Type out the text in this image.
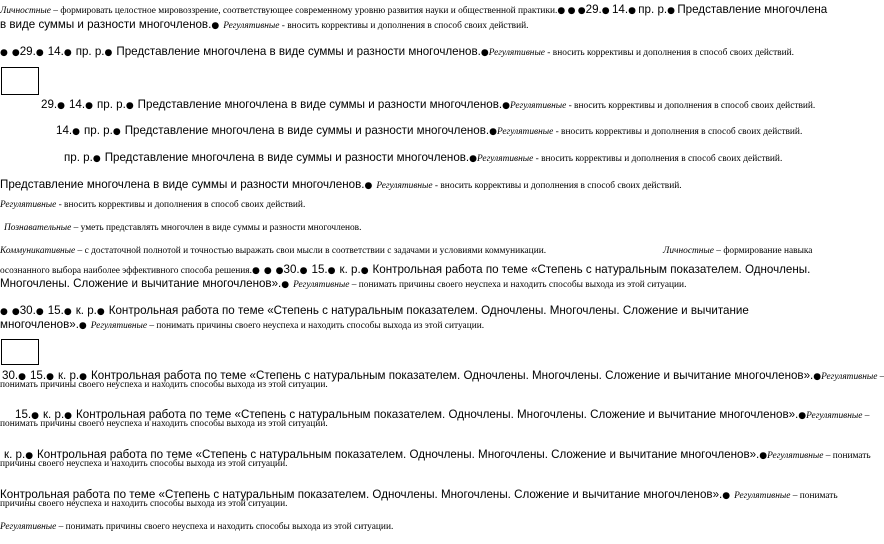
Личностные – формировать целостное мировоззрение, соответствующее современному уровню развития науки и общественной практики.● ● ●29.● 14.● пр. р.● Представление многочлена
в виде суммы и разности многочленов.● Регулятивные - вносить коррективы и дополнения в способ своих действий.
● ●29.● 14.● пр. р.● Представление многочлена в виде суммы и разности многочленов.●Регулятивные - вносить коррективы и дополнения в способ своих действий.
29.● 14.● пр. р.● Представление многочлена в виде суммы и разности многочленов.●Регулятивные - вносить коррективы и дополнения в способ своих действий.
14.● пр. р.● Представление многочлена в виде суммы и разности многочленов.●Регулятивные - вносить коррективы и дополнения в способ своих действий.
пр. р.● Представление многочлена в виде суммы и разности многочленов.●Регулятивные - вносить коррективы и дополнения в способ своих действий.
Представление многочлена в виде суммы и разности многочленов.● Регулятивные - вносить коррективы и дополнения в способ своих действий.
Регулятивные - вносить коррективы и дополнения в способ своих действий.
Познавательные – уметь представлять многочлен в виде суммы и разности многочленов.
Коммуникативные – с достаточной полнотой и точностью выражать свои мысли в соответствии с задачами и условиями коммуникации.	Личностные – формирование навыка
осознанного выбора наиболее эффективного способа решения.● ● ●30.● 15.● к. р.● Контрольная работа по теме «Степень с натуральным показателем. Одночлены.
Многочлены. Сложение и вычитание многочленов».● Регулятивные – понимать причины своего неуспеха и находить способы выхода из этой ситуации.
● ●30.● 15.● к. р.● Контрольная работа по теме «Степень с натуральным показателем. Одночлены. Многочлены. Сложение и вычитание
многочленов».● Регулятивные – понимать причины своего неуспеха и находить способы выхода из этой ситуации.
30.● 15.● к. р.● Контрольная работа по теме «Степень с натуральным показателем. Одночлены. Многочлены. Сложение и вычитание многочленов».●Регулятивные –
понимать причины своего неуспеха и находить способы выхода из этой ситуации.
15.● к. р.● Контрольная работа по теме «Степень с натуральным показателем. Одночлены. Многочлены. Сложение и вычитание многочленов».●Регулятивные –
понимать причины своего неуспеха и находить способы выхода из этой ситуации.
к. р.● Контрольная работа по теме «Степень с натуральным показателем. Одночлены. Многочлены. Сложение и вычитание многочленов».●Регулятивные – понимать
причины своего неуспеха и находить способы выхода из этой ситуации.
Контрольная работа по теме «Степень с натуральным показателем. Одночлены. Многочлены. Сложение и вычитание многочленов».● Регулятивные – понимать
причины своего неуспеха и находить способы выхода из этой ситуации.
Регулятивные – понимать причины своего неуспеха и находить способы выхода из этой ситуации.
